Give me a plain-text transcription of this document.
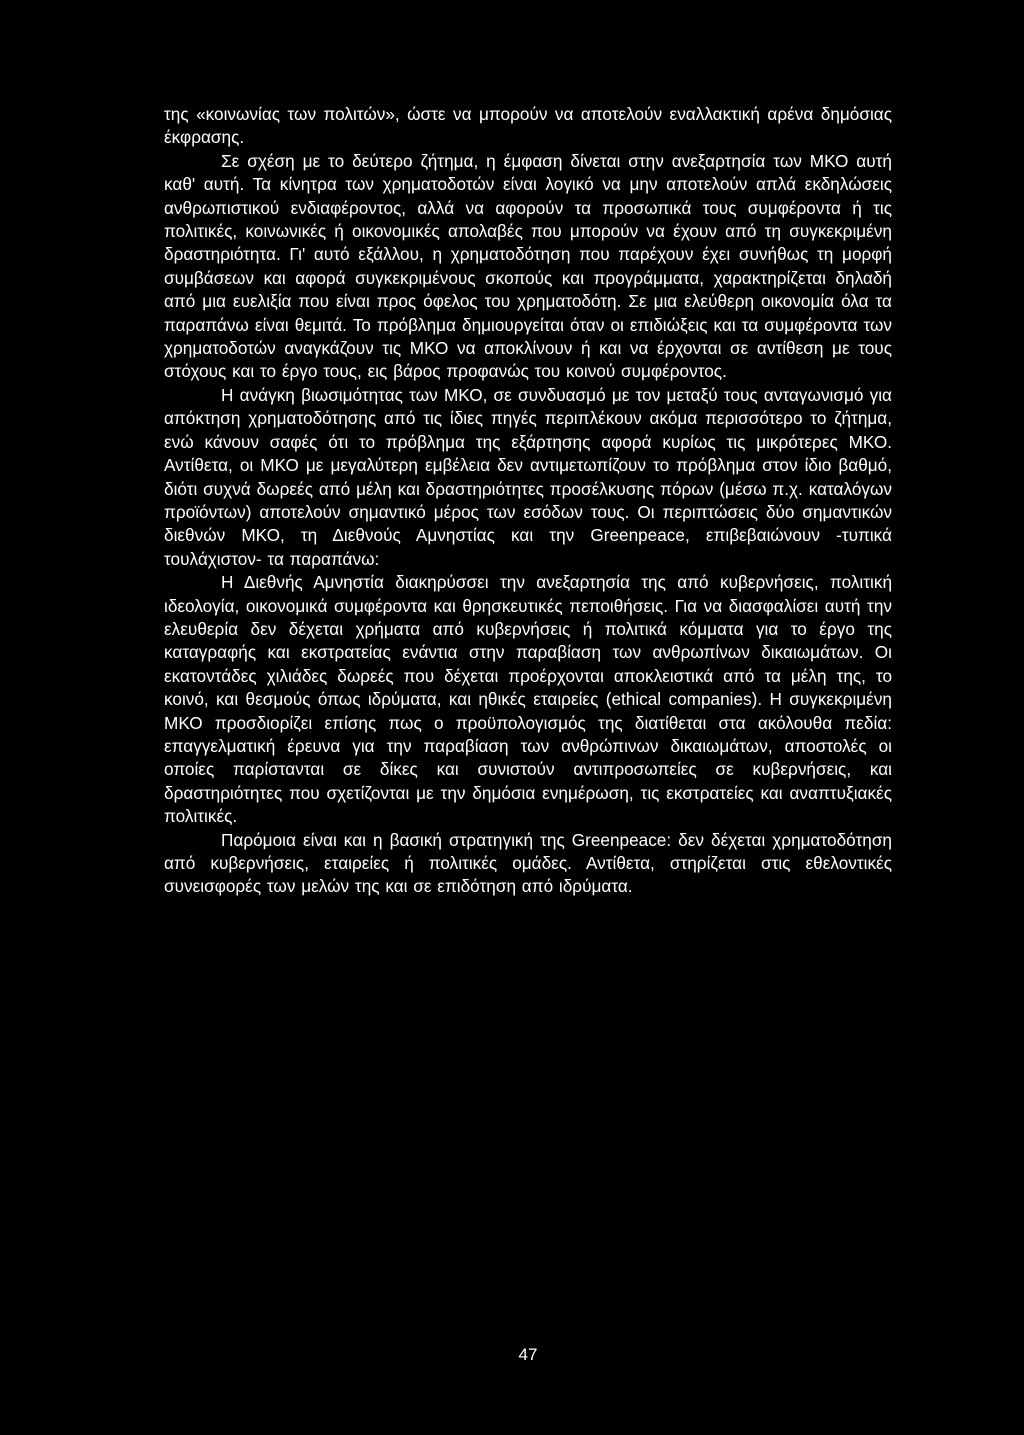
της «κοινωνίας των πολιτών», ώστε να μπορούν να αποτελούν εναλλακτική αρένα δημόσιας έκφρασης.

Σε σχέση με το δεύτερο ζήτημα, η έμφαση δίνεται στην ανεξαρτησία των ΜΚΟ αυτή καθ' αυτή. Τα κίνητρα των χρηματοδοτών είναι λογικό να μην αποτελούν απλά εκδηλώσεις ανθρωπιστικού ενδιαφέροντος, αλλά να αφορούν τα προσωπικά τους συμφέροντα ή τις πολιτικές, κοινωνικές ή οικονομικές απολαβές που μπορούν να έχουν από τη συγκεκριμένη δραστηριότητα. Γι' αυτό εξάλλου, η χρηματοδότηση που παρέχουν έχει συνήθως τη μορφή συμβάσεων και αφορά συγκεκριμένους σκοπούς και προγράμματα, χαρακτηρίζεται δηλαδή από μια ευελιξία που είναι προς όφελος του χρηματοδότη. Σε μια ελεύθερη οικονομία όλα τα παραπάνω είναι θεμιτά. Το πρόβλημα δημιουργείται όταν οι επιδιώξεις και τα συμφέροντα των χρηματοδοτών αναγκάζουν τις ΜΚΟ να αποκλίνουν ή και να έρχονται σε αντίθεση με τους στόχους και το έργο τους, εις βάρος προφανώς του κοινού συμφέροντος.

Η ανάγκη βιωσιμότητας των ΜΚΟ, σε συνδυασμό με τον μεταξύ τους ανταγωνισμό για απόκτηση χρηματοδότησης από τις ίδιες πηγές περιπλέκουν ακόμα περισσότερο το ζήτημα, ενώ κάνουν σαφές ότι το πρόβλημα της εξάρτησης αφορά κυρίως τις μικρότερες ΜΚΟ. Αντίθετα, οι ΜΚΟ με μεγαλύτερη εμβέλεια δεν αντιμετωπίζουν το πρόβλημα στον ίδιο βαθμό, διότι συχνά δωρεές από μέλη και δραστηριότητες προσέλκυσης πόρων (μέσω π.χ. καταλόγων προϊόντων) αποτελούν σημαντικό μέρος των εσόδων τους. Οι περιπτώσεις δύο σημαντικών διεθνών ΜΚΟ, τη Διεθνούς Αμνηστίας και την Greenpeace, επιβεβαιώνουν -τυπικά τουλάχιστον- τα παραπάνω:

Η Διεθνής Αμνηστία διακηρύσσει την ανεξαρτησία της από κυβερνήσεις, πολιτική ιδεολογία, οικονομικά συμφέροντα και θρησκευτικές πεποιθήσεις. Για να διασφαλίσει αυτή την ελευθερία δεν δέχεται χρήματα από κυβερνήσεις ή πολιτικά κόμματα για το έργο της καταγραφής και εκστρατείας ενάντια στην παραβίαση των ανθρωπίνων δικαιωμάτων. Οι εκατοντάδες χιλιάδες δωρεές που δέχεται προέρχονται αποκλειστικά από τα μέλη της, το κοινό, και θεσμούς όπως ιδρύματα, και ηθικές εταιρείες (ethical companies). Η συγκεκριμένη ΜΚΟ προσδιορίζει επίσης πως ο προϋπολογισμός της διατίθεται στα ακόλουθα πεδία: επαγγελματική έρευνα για την παραβίαση των ανθρώπινων δικαιωμάτων, αποστολές οι οποίες παρίστανται σε δίκες και συνιστούν αντιπροσωπείες σε κυβερνήσεις, και δραστηριότητες που σχετίζονται με την δημόσια ενημέρωση, τις εκστρατείες και αναπτυξιακές πολιτικές.

Παρόμοια είναι και η βασική στρατηγική της Greenpeace: δεν δέχεται χρηματοδότηση από κυβερνήσεις, εταιρείες ή πολιτικές ομάδες. Αντίθετα, στηρίζεται στις εθελοντικές συνεισφορές των μελών της και σε επιδότηση από ιδρύματα.

47
